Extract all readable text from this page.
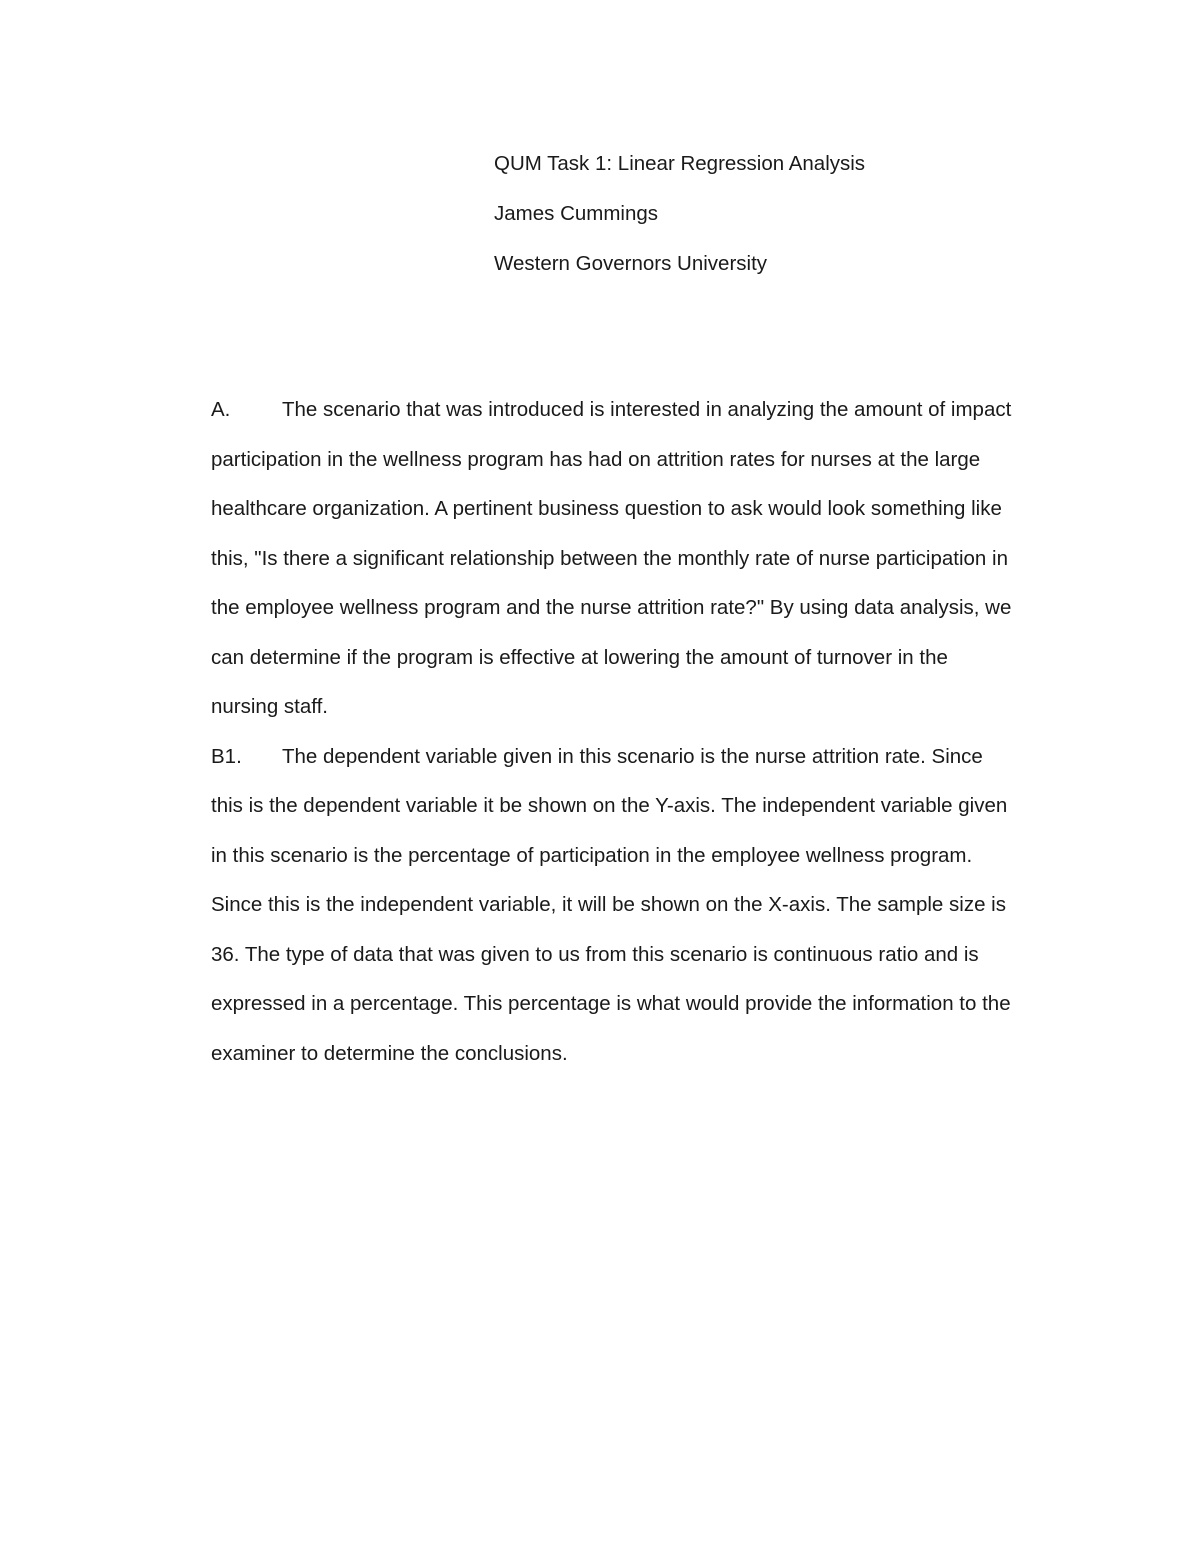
QUM Task 1: Linear Regression Analysis
James Cummings
Western Governors University
A.	The scenario that was introduced is interested in analyzing the amount of impact
participation in the wellness program has had on attrition rates for nurses at the large
healthcare organization. A pertinent business question to ask would look something like
this, "Is there a significant relationship between the monthly rate of nurse participation in
the employee wellness program and the nurse attrition rate?" By using data analysis, we
can determine if the program is effective at lowering the amount of turnover in the
nursing staff.
B1. The dependent variable given in this scenario is the nurse attrition rate. Since
this is the dependent variable it be shown on the Y-axis. The independent variable given
in this scenario is the percentage of participation in the employee wellness program.
Since this is the independent variable, it will be shown on the X-axis. The sample size is
36. The type of data that was given to us from this scenario is continuous ratio and is
expressed in a percentage. This percentage is what would provide the information to the
examiner to determine the conclusions.
